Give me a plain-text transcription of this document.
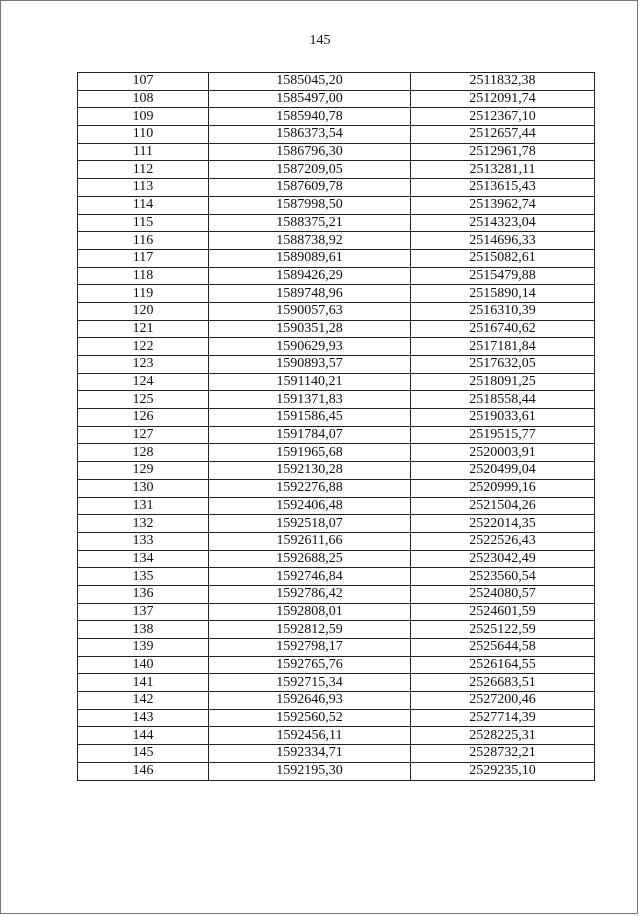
145
107	1585045,20	2511832,38
108	1585497,00	2512091,74
109	1585940,78	2512367,10
110	1586373,54	2512657,44
111	1586796,30	2512961,78
112	1587209,05	2513281,11
113	1587609,78	2513615,43
114	1587998,50	2513962,74
115	1588375,21	2514323,04
116	1588738,92	2514696,33
117	1589089,61	2515082,61
118	1589426,29	2515479,88
119	1589748,96	2515890,14
120	1590057,63	2516310,39
121	1590351,28	2516740,62
122	1590629,93	2517181,84
123	1590893,57	2517632,05
124	1591140,21	2518091,25
125	1591371,83	2518558,44
126	1591586,45	2519033,61
127	1591784,07	2519515,77
128	1591965,68	2520003,91
129	1592130,28	2520499,04
130	1592276,88	2520999,16
131	1592406,48	2521504,26
132	1592518,07	2522014,35
133	1592611,66	2522526,43
134	1592688,25	2523042,49
135	1592746,84	2523560,54
136	1592786,42	2524080,57
137	1592808,01	2524601,59
138	1592812,59	2525122,59
139	1592798,17	2525644,58
140	1592765,76	2526164,55
141	1592715,34	2526683,51
142	1592646,93	2527200,46
143	1592560,52	2527714,39
144	1592456,11	2528225,31
145	1592334,71	2528732,21
146	1592195,30	2529235,10
